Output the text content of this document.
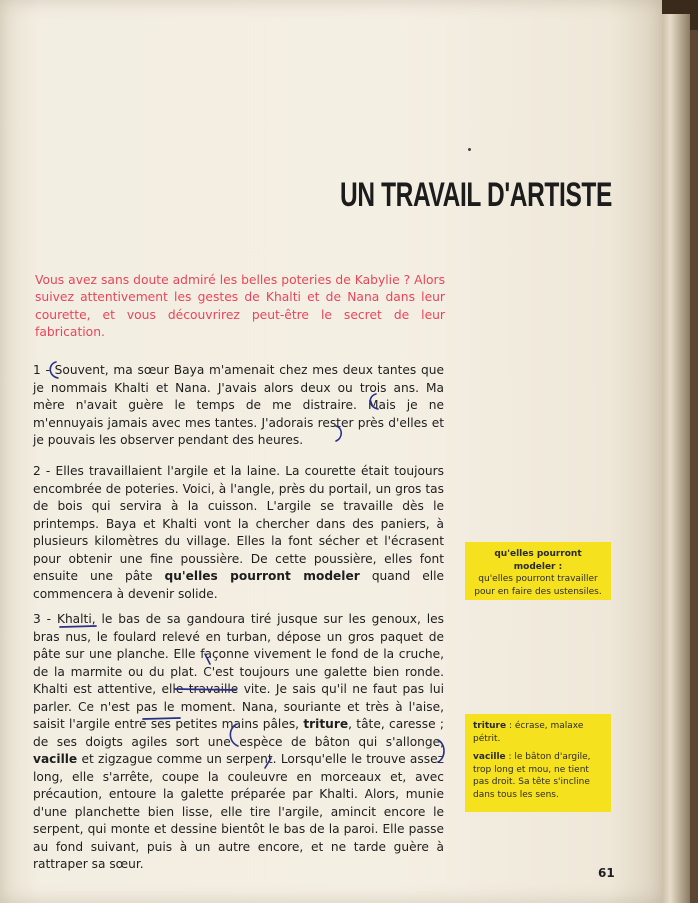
UN TRAVAIL D'ARTISTE

Vous avez sans doute admiré les belles poteries de Kabylie ? Alors suivez attentivement les gestes de Khalti et de Nana dans leur courette, et vous découvrirez peut-être le secret de leur fabrication.

1 - Souvent, ma sœur Baya m'amenait chez mes deux tantes que je nommais Khalti et Nana. J'avais alors deux ou trois ans. Ma mère n'avait guère le temps de me distraire. Mais je ne m'ennuyais jamais avec mes tantes. J'adorais rester près d'elles et je pouvais les observer pendant des heures.

2 - Elles travaillaient l'argile et la laine. La courette était toujours encombrée de poteries. Voici, à l'angle, près du portail, un gros tas de bois qui servira à la cuisson. L'argile se travaille dès le printemps. Baya et Khalti vont la chercher dans des paniers, à plusieurs kilomètres du village. Elles la font sécher et l'écrasent pour obtenir une fine poussière. De cette poussière, elles font ensuite une pâte qu'elles pourront modeler quand elle commencera à devenir solide.

3 - Khalti, le bas de sa gandoura tiré jusque sur les genoux, les bras nus, le foulard relevé en turban, dépose un gros paquet de pâte sur une planche. Elle façonne vivement le fond de la cruche, de la marmite ou du plat. C'est toujours une galette bien ronde. Khalti est attentive, elle travaille vite. Je sais qu'il ne faut pas lui parler. Ce n'est pas le moment. Nana, souriante et très à l'aise, saisit l'argile entre ses petites mains pâles, triture, tâte, caresse ; de ses doigts agiles sort une espèce de bâton qui s'allonge, vacille et zigzague comme un serpent. Lorsqu'elle le trouve assez long, elle s'arrête, coupe la couleuvre en morceaux et, avec précaution, entoure la galette préparée par Khalti. Alors, munie d'une planchette bien lisse, elle tire l'argile, amincit encore le serpent, qui monte et dessine bientôt le bas de la paroi. Elle passe au fond suivant, puis à un autre encore, et ne tarde guère à rattraper sa sœur.

qu'elles pourront modeler :
qu'elles pourront travailler pour en faire des ustensiles.
triture : écrase, malaxe pétrit.
vacille : le bâton d'argile, trop long et mou, ne tient pas droit. Sa tête s'incline dans tous les sens.
61
